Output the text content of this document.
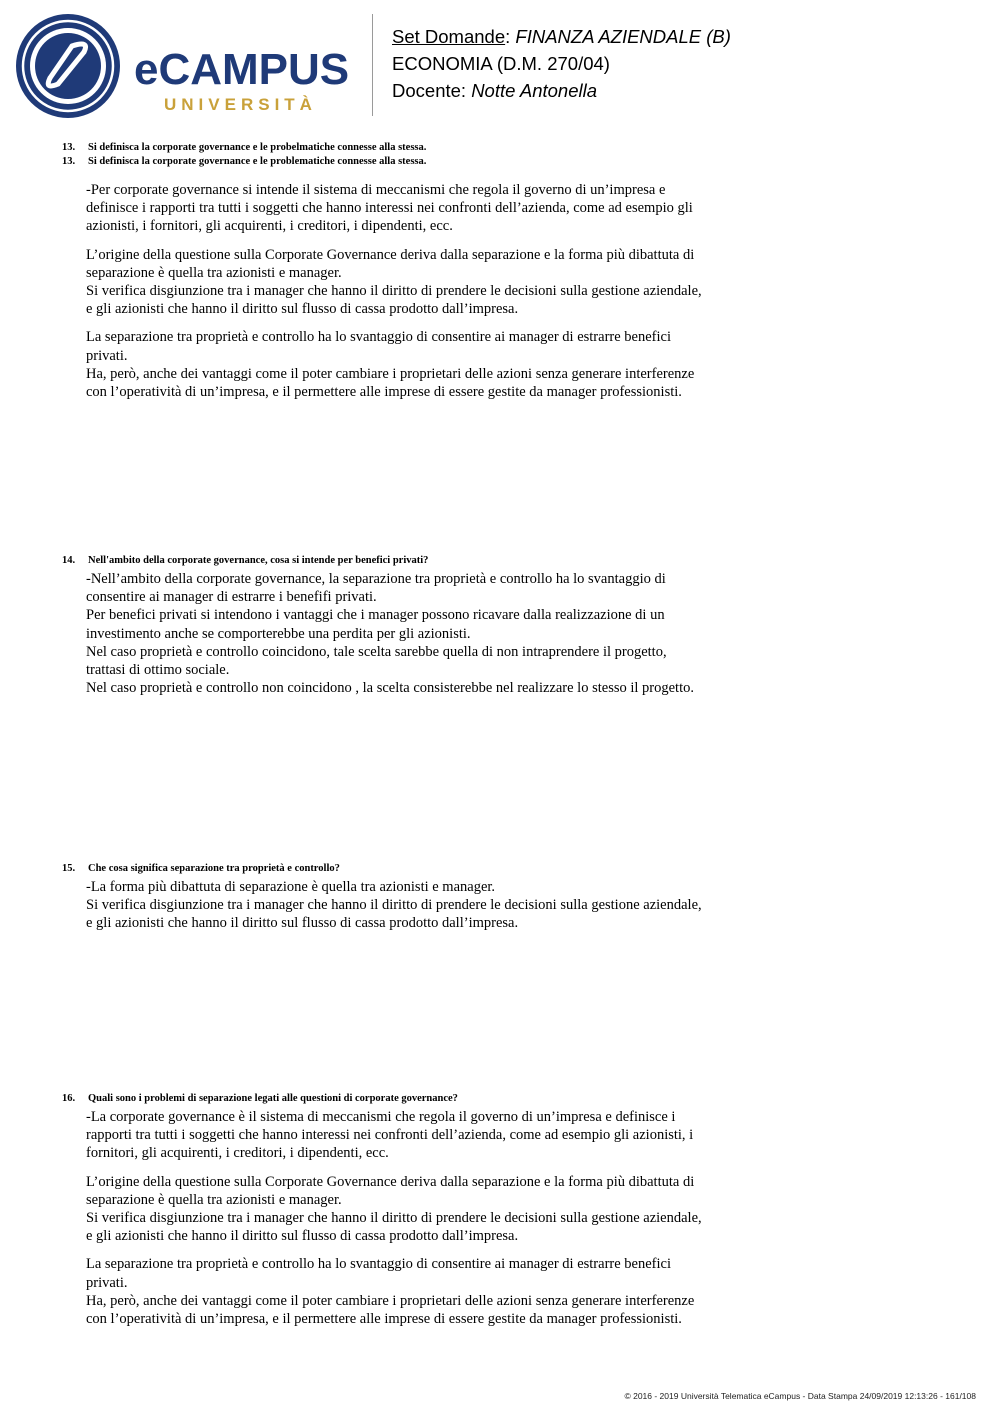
eCAMPUS
UNIVERSITÀ
Set Domande: FINANZA AZIENDALE (B)
ECONOMIA (D.M. 270/04)
Docente: Notte Antonella
13. Si definisca la corporate governance e le probelmatiche connesse alla stessa.
13. Si definisca la corporate governance e le problematiche connesse alla stessa.

-Per corporate governance si intende il sistema di meccanismi che regola il governo di un’impresa e
definisce i rapporti tra tutti i soggetti che hanno interessi nei confronti dell’azienda, come ad esempio gli
azionisti, i fornitori, gli acquirenti, i creditori, i dipendenti, ecc.

L’origine della questione sulla Corporate Governance deriva dalla separazione e la forma più dibattuta di
separazione è quella tra azionisti e manager.
Si verifica disgiunzione tra i manager che hanno il diritto di prendere le decisioni sulla gestione aziendale,
e gli azionisti che hanno il diritto sul flusso di cassa prodotto dall’impresa.

La separazione tra proprietà e controllo ha lo svantaggio di consentire ai manager di estrarre benefici
privati.
Ha, però, anche dei vantaggi come il poter cambiare i proprietari delle azioni senza generare interferenze
con l’operatività di un’impresa, e il permettere alle imprese di essere gestite da manager professionisti.

14. Nell'ambito della corporate governance, cosa si intende per benefici privati?

-Nell’ambito della corporate governance, la separazione tra proprietà e controllo ha lo svantaggio di
consentire ai manager di estrarre i benefifi privati.
Per benefici privati si intendono i vantaggi che i manager possono ricavare dalla realizzazione di un
investimento anche se comporterebbe una perdita per gli azionisti.
Nel caso proprietà e controllo coincidono, tale scelta sarebbe quella di non intraprendere il progetto,
trattasi di ottimo sociale.
Nel caso proprietà e controllo non coincidono , la scelta consisterebbe nel realizzare lo stesso il progetto.

15. Che cosa significa separazione tra proprietà e controllo?

-La forma più dibattuta di separazione è quella tra azionisti e manager.
Si verifica disgiunzione tra i manager che hanno il diritto di prendere le decisioni sulla gestione aziendale,
e gli azionisti che hanno il diritto sul flusso di cassa prodotto dall’impresa.

16. Quali sono i problemi di separazione legati alle questioni di corporate governance?

-La corporate governance è il sistema di meccanismi che regola il governo di un’impresa e definisce i
rapporti tra tutti i soggetti che hanno interessi nei confronti dell’azienda, come ad esempio gli azionisti, i
fornitori, gli acquirenti, i creditori, i dipendenti, ecc.

L’origine della questione sulla Corporate Governance deriva dalla separazione e la forma più dibattuta di
separazione è quella tra azionisti e manager.
Si verifica disgiunzione tra i manager che hanno il diritto di prendere le decisioni sulla gestione aziendale,
e gli azionisti che hanno il diritto sul flusso di cassa prodotto dall’impresa.

La separazione tra proprietà e controllo ha lo svantaggio di consentire ai manager di estrarre benefici
privati.
Ha, però, anche dei vantaggi come il poter cambiare i proprietari delle azioni senza generare interferenze
con l’operatività di un’impresa, e il permettere alle imprese di essere gestite da manager professionisti.

© 2016 - 2019 Università Telematica eCampus - Data Stampa 24/09/2019 12:13:26 - 161/108
